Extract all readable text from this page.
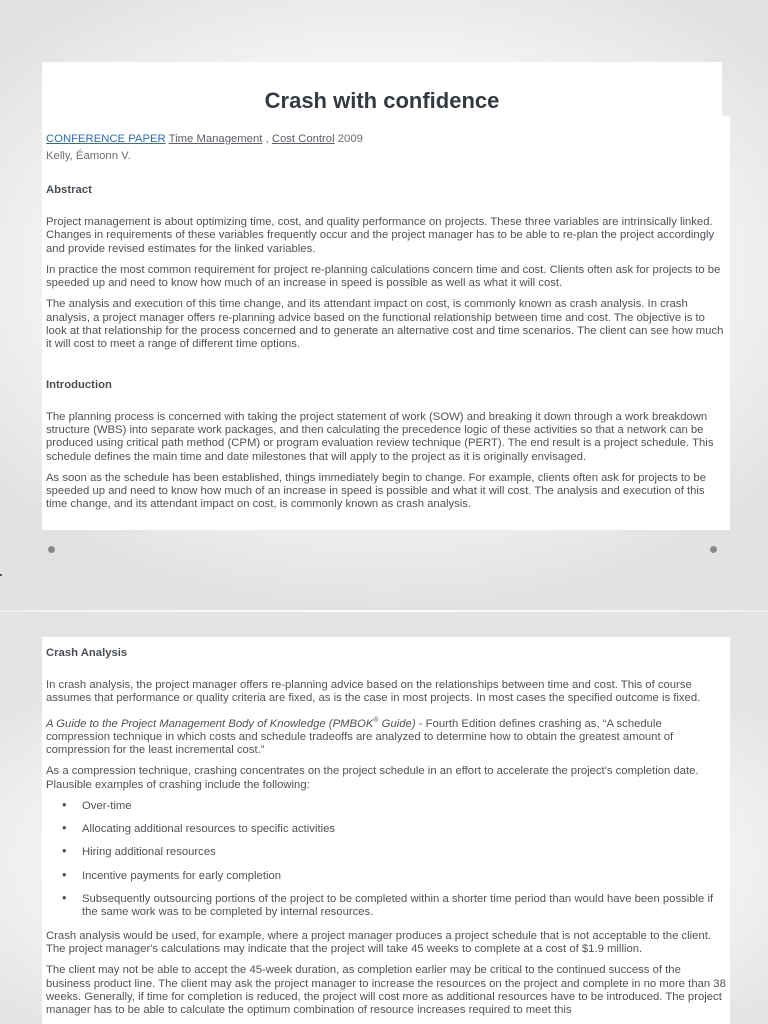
Crash with confidence
CONFERENCE PAPER Time Management , Cost Control 2009
Kelly, Éamonn V.
Abstract

Project management is about optimizing time, cost, and quality performance on projects. These three variables are intrinsically linked. Changes in requirements of these variables frequently occur and the project manager has to be able to re-plan the project accordingly and provide revised estimates for the linked variables.

In practice the most common requirement for project re-planning calculations concern time and cost. Clients often ask for projects to be speeded up and need to know how much of an increase in speed is possible as well as what it will cost.

The analysis and execution of this time change, and its attendant impact on cost, is commonly known as crash analysis. In crash analysis, a project manager offers re-planning advice based on the functional relationship between time and cost. The objective is to look at that relationship for the process concerned and to generate an alternative cost and time scenarios. The client can see how much it will cost to meet a range of different time options.

Introduction

The planning process is concerned with taking the project statement of work (SOW) and breaking it down through a work breakdown structure (WBS) into separate work packages, and then calculating the precedence logic of these activities so that a network can be produced using critical path method (CPM) or program evaluation review technique (PERT). The end result is a project schedule. This schedule defines the main time and date milestones that will apply to the project as it is originally envisaged.

As soon as the schedule has been established, things immediately begin to change. For example, clients often ask for projects to be speeded up and need to know how much of an increase in speed is possible and what it will cost. The analysis and execution of this time change, and its attendant impact on cost, is commonly known as crash analysis.

Crash Analysis

In crash analysis, the project manager offers re-planning advice based on the relationships between time and cost. This of course assumes that performance or quality criteria are fixed, as is the case in most projects. In most cases the specified outcome is fixed.

A Guide to the Project Management Body of Knowledge (PMBOK® Guide) - Fourth Edition defines crashing as, “A schedule compression technique in which costs and schedule tradeoffs are analyzed to determine how to obtain the greatest amount of compression for the least incremental cost.”

As a compression technique, crashing concentrates on the project schedule in an effort to accelerate the project's completion date. Plausible examples of crashing include the following:

• Over-time
• Allocating additional resources to specific activities
• Hiring additional resources
• Incentive payments for early completion
• Subsequently outsourcing portions of the project to be completed within a shorter time period than would have been possible if the same work was to be completed by internal resources.

Crash analysis would be used, for example, where a project manager produces a project schedule that is not acceptable to the client. The project manager's calculations may indicate that the project will take 45 weeks to complete at a cost of $1.9 million.

The client may not be able to accept the 45-week duration, as completion earlier may be critical to the continued success of the business product line. The client may ask the project manager to increase the resources on the project and complete in no more than 38 weeks. Generally, if time for completion is reduced, the project will cost more as additional resources have to be introduced. The project manager has to be able to calculate the optimum combination of resource increases required to meet this
